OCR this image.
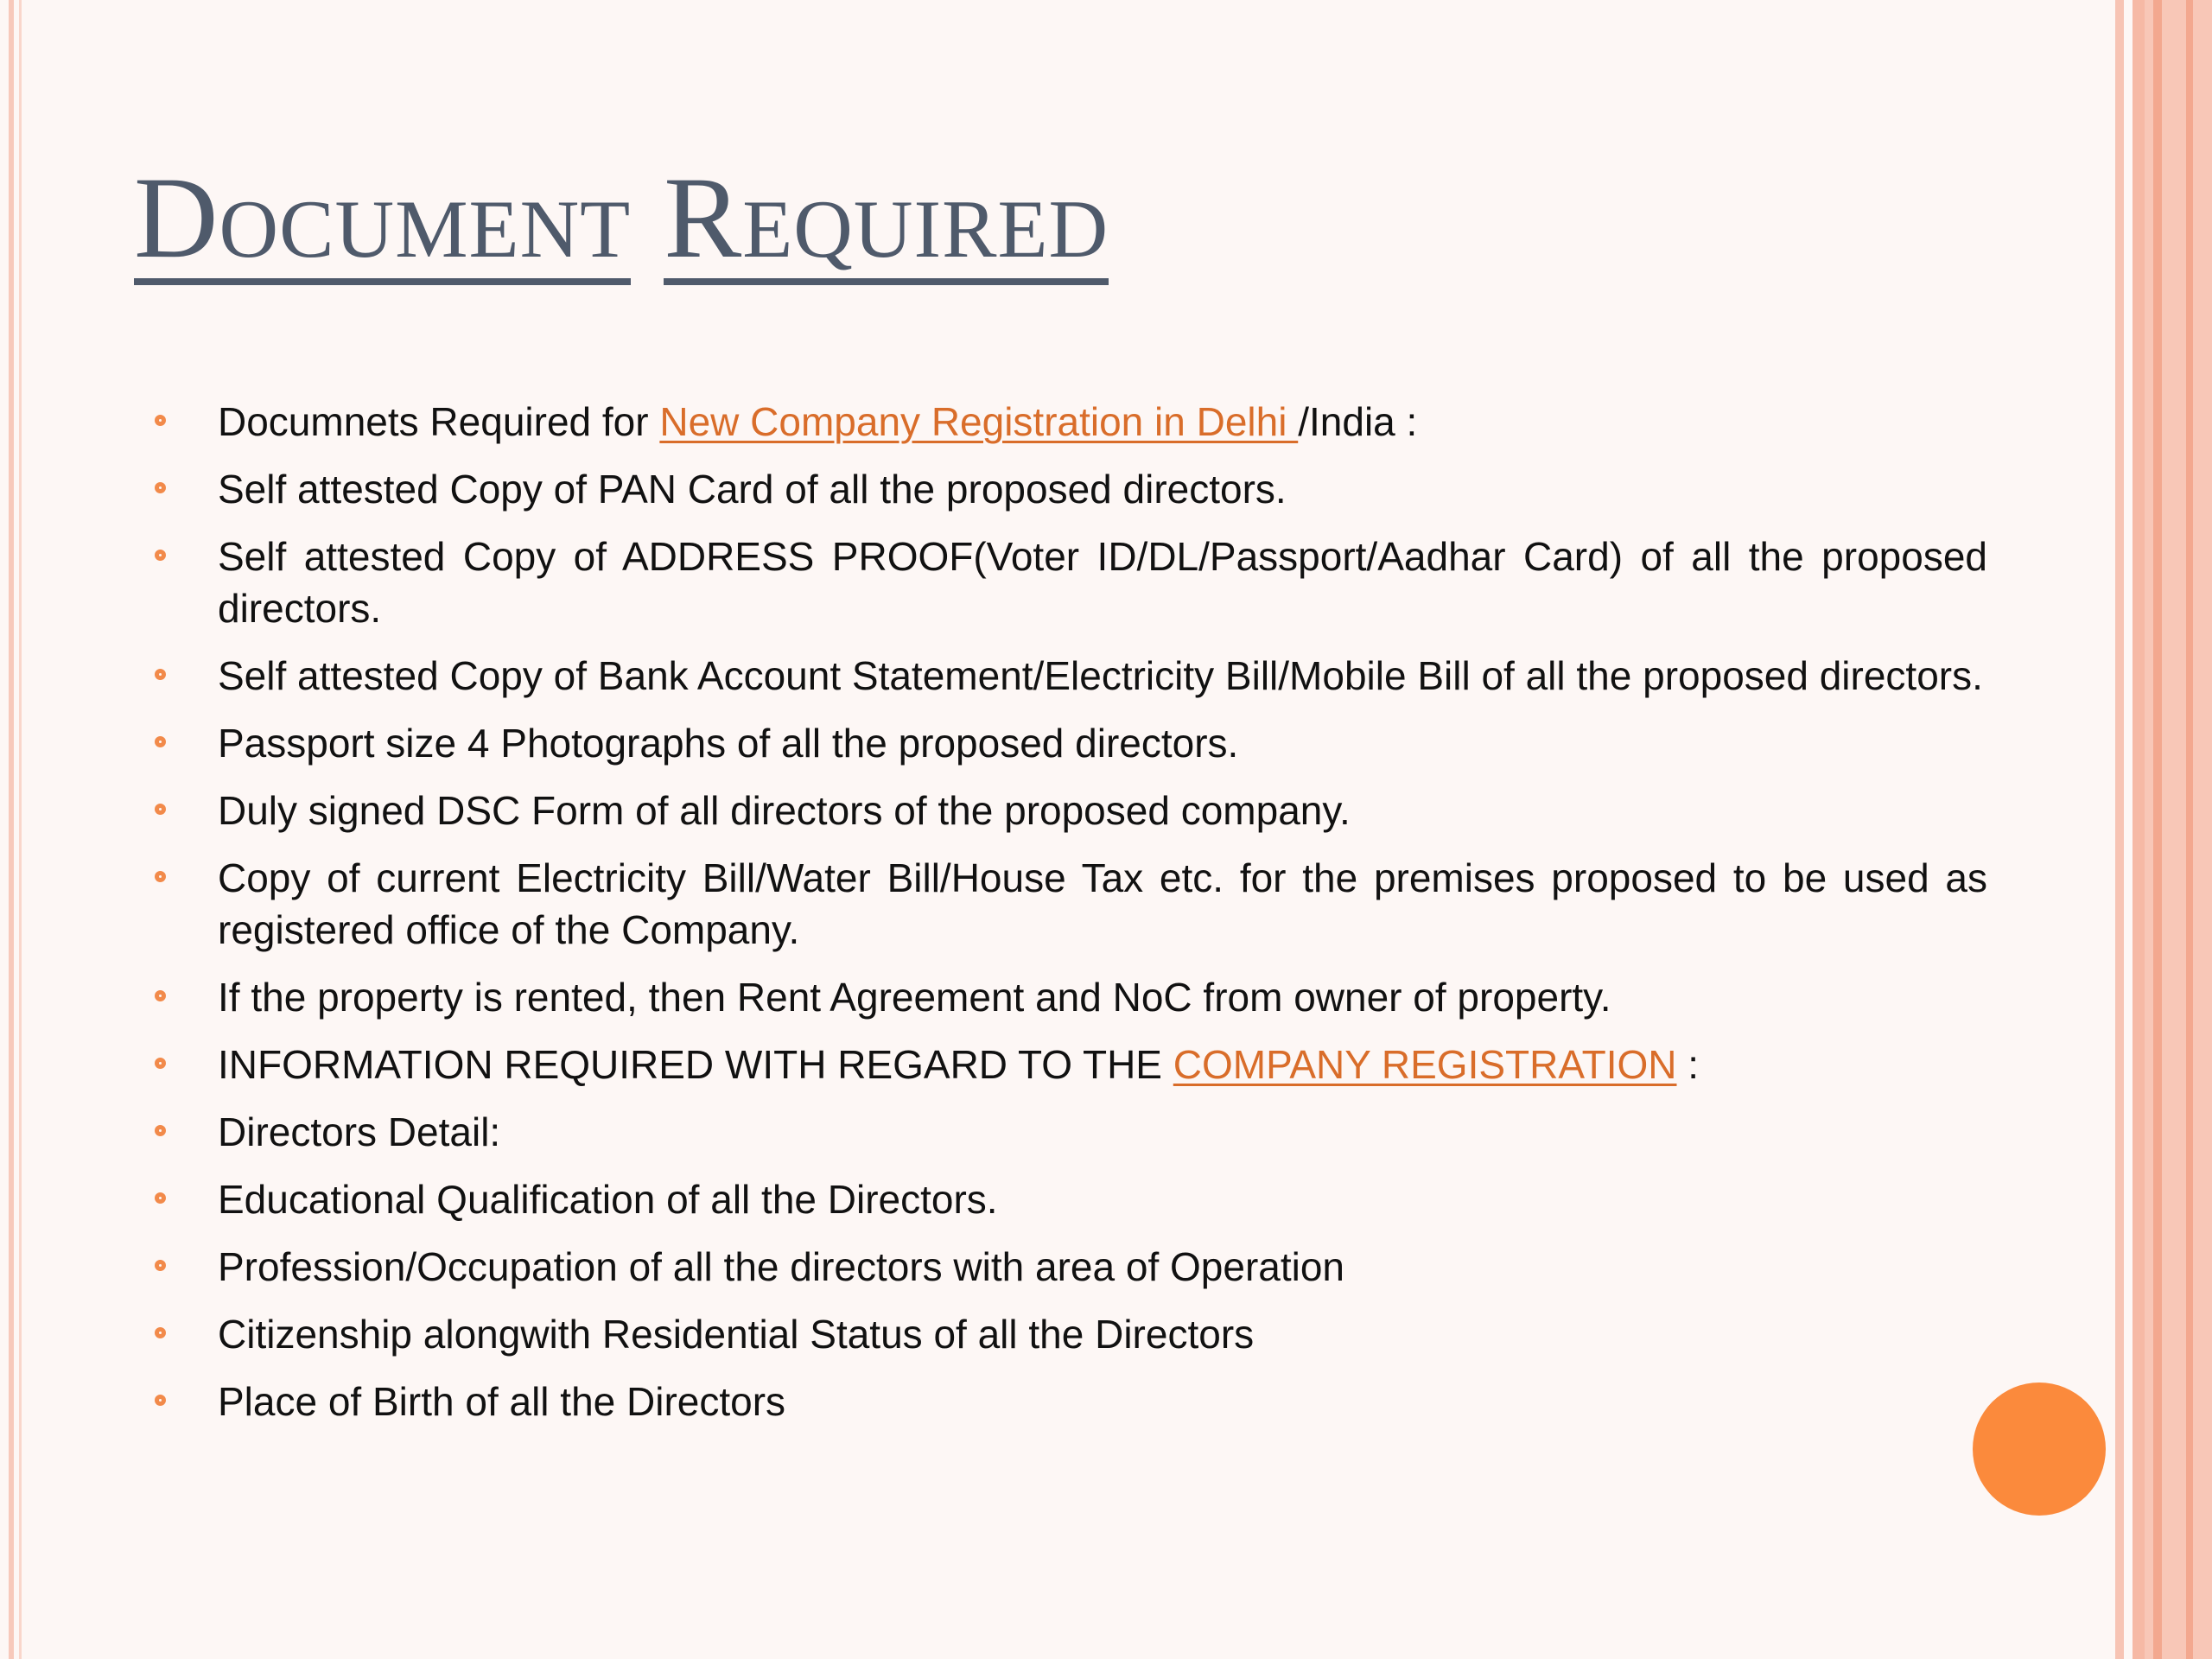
Document Required
Documnets Required for New Company Registration in Delhi /India :
Self attested Copy of PAN Card of all the proposed directors.
Self attested Copy of ADDRESS PROOF(Voter ID/DL/Passport/Aadhar Card) of all the proposed directors.
Self attested Copy of Bank Account Statement/Electricity Bill/Mobile Bill of all the proposed directors.
Passport size 4 Photographs of all the proposed directors.
Duly signed DSC Form of all directors of the proposed company.
Copy of current Electricity Bill/Water Bill/House Tax etc. for the premises proposed to be used as registered office of the Company.
If the property is rented, then Rent Agreement and NoC from owner of property.
INFORMATION REQUIRED WITH REGARD TO THE COMPANY REGISTRATION :
Directors Detail:
Educational Qualification of all the Directors.
Profession/Occupation of all the directors with area of Operation
Citizenship alongwith Residential Status of all the Directors
Place of Birth of all the Directors
